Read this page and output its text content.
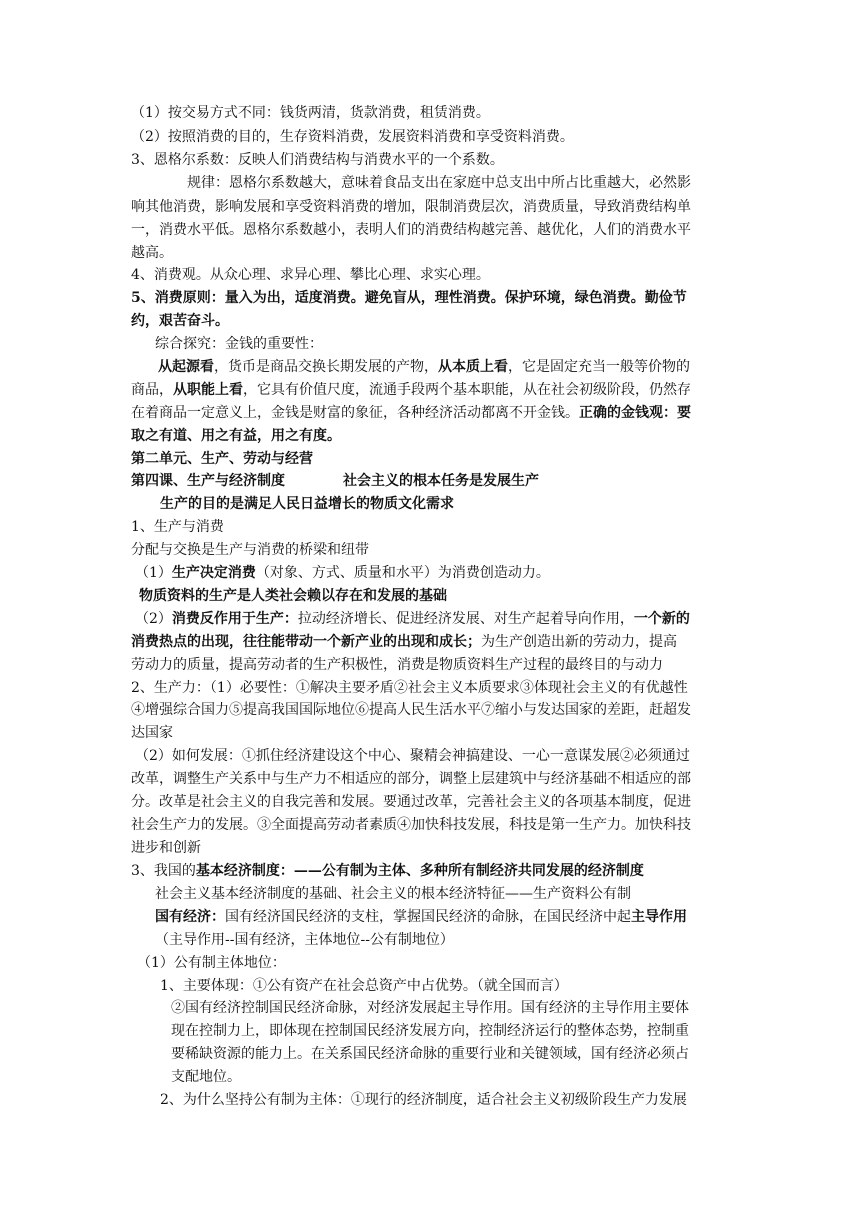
（1）按交易方式不同：钱货两清，货款消费，租赁消费。
（2）按照消费的目的，生存资料消费，发展资料消费和享受资料消费。
3、恩格尔系数：反映人们消费结构与消费水平的一个系数。
规律：恩格尔系数越大，意味着食品支出在家庭中总支出中所占比重越大，必然影
响其他消费，影响发展和享受资料消费的增加，限制消费层次，消费质量，导致消费结构单
一，消费水平低。恩格尔系数越小，表明人们的消费结构越完善、越优化，人们的消费水平
越高。
4、消费观。从众心理、求异心理、攀比心理、求实心理。
5、消费原则：量入为出，适度消费。避免盲从，理性消费。保护环境，绿色消费。勤俭节
约，艰苦奋斗。
综合探究：金钱的重要性：
从起源看，货币是商品交换长期发展的产物，从本质上看，它是固定充当一般等价物的
商品，从职能上看，它具有价值尺度，流通手段两个基本职能，从在社会初级阶段，仍然存
在着商品一定意义上，金钱是财富的象征，各种经济活动都离不开金钱。正确的金钱观：要
取之有道、用之有益，用之有度。
第二单元、生产、劳动与经营
第四课、生产与经济制度	社会主义的根本任务是发展生产
生产的目的是满足人民日益增长的物质文化需求
1、生产与消费
分配与交换是生产与消费的桥梁和纽带
（1）生产决定消费（对象、方式、质量和水平）为消费创造动力。
物质资料的生产是人类社会赖以存在和发展的基础
（2）消费反作用于生产：拉动经济增长、促进经济发展、对生产起着导向作用，一个新的
消费热点的出现，往往能带动一个新产业的出现和成长；为生产创造出新的劳动力，提高
劳动力的质量，提高劳动者的生产积极性，消费是物质资料生产过程的最终目的与动力
2、生产力：（1）必要性：①解决主要矛盾②社会主义本质要求③体现社会主义的有优越性
④增强综合国力⑤提高我国国际地位⑥提高人民生活水平⑦缩小与发达国家的差距，赶超发
达国家
（2）如何发展：①抓住经济建设这个中心、聚精会神搞建设、一心一意谋发展②必须通过
改革，调整生产关系中与生产力不相适应的部分，调整上层建筑中与经济基础不相适应的部
分。改革是社会主义的自我完善和发展。要通过改革，完善社会主义的各项基本制度，促进
社会生产力的发展。③全面提高劳动者素质④加快科技发展，科技是第一生产力。加快科技
进步和创新
3、我国的基本经济制度：——公有制为主体、多种所有制经济共同发展的经济制度
社会主义基本经济制度的基础、社会主义的根本经济特征——生产资料公有制
国有经济：国有经济国民经济的支柱，掌握国民经济的命脉，在国民经济中起主导作用
（主导作用--国有经济，主体地位--公有制地位）
（1）公有制主体地位：
1、主要体现：①公有资产在社会总资产中占优势。（就全国而言）
②国有经济控制国民经济命脉，对经济发展起主导作用。国有经济的主导作用主要体
现在控制力上，即体现在控制国民经济发展方向，控制经济运行的整体态势，控制重
要稀缺资源的能力上。在关系国民经济命脉的重要行业和关键领域，国有经济必须占
支配地位。
2、为什么坚持公有制为主体：①现行的经济制度，适合社会主义初级阶段生产力发展
